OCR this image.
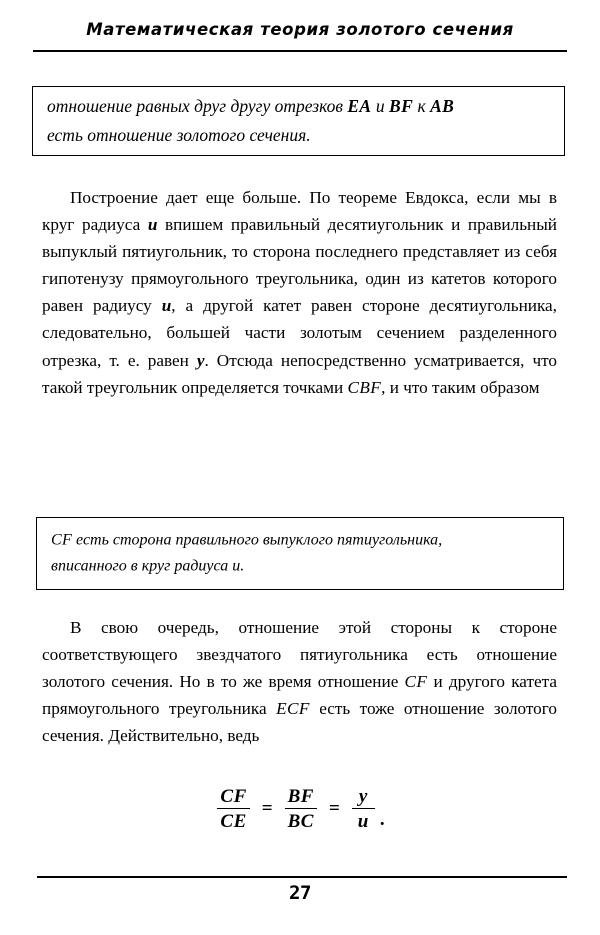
Математическая теория золотого сечения
отношение равных друг другу отрезков EA и BF к AB
есть отношение золотого сечения.
Построение дает еще больше. По теореме Евдокса, если мы в круг радиуса u впишем правильный десятиугольник и правильный выпуклый пятиугольник, то сторона последнего представляет из себя гипотенузу прямоугольного треугольника, один из катетов которого равен радиусу u, а другой катет равен стороне десятиугольника, следовательно, большей части золотым сечением разделенного отрезка, т. е. равен y. Отсюда непосредственно усматривается, что такой треугольник определяется точками CBF, и что таким образом
CF есть сторона правильного выпуклого пятиугольника,
вписанного в круг радиуса u.
В свою очередь, отношение этой стороны к стороне соответствующего звездчатого пятиугольника есть отношение золотого сечения. Но в то же время отношение CF и другого катета прямоугольного треугольника ECF есть тоже отношение золотого сечения. Действительно, ведь
$\frac{CF}{CE} = \frac{BF}{BC} = \frac{y}{u}$ .
27
